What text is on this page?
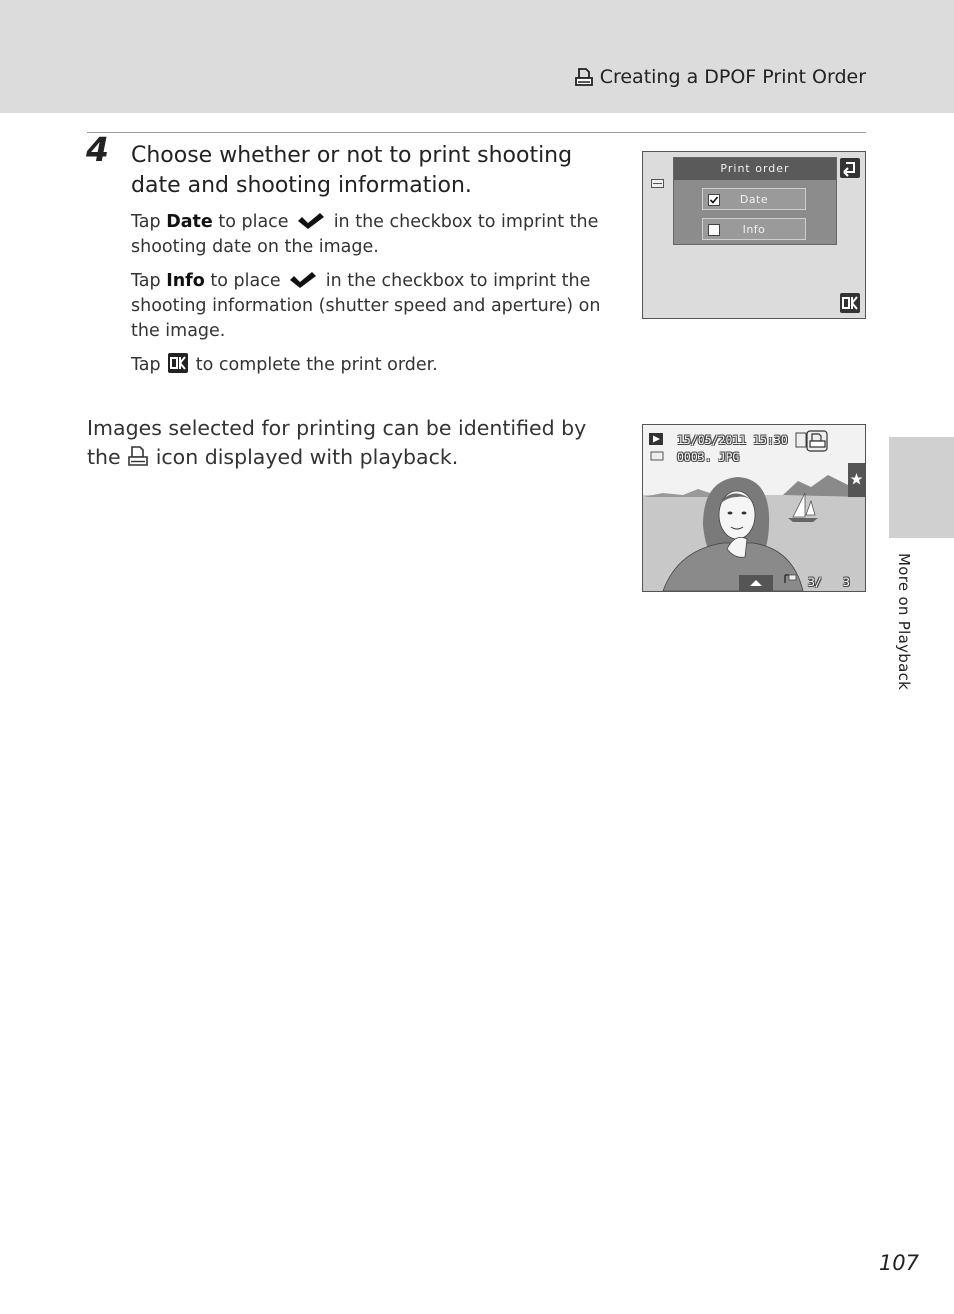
Creating a DPOF Print Order
4 Choose whether or not to print shooting date and shooting information.
Tap Date to place  in the checkbox to imprint the shooting date on the image.
Tap Info to place  in the checkbox to imprint the shooting information (shutter speed and aperture) on the image.
Tap  to complete the print order.
Images selected for printing can be identified by the  icon displayed with playback.
Print order
Date
Info
15/05/2011 15:30
0003. JPG
3/ 3	More on Playback
107
